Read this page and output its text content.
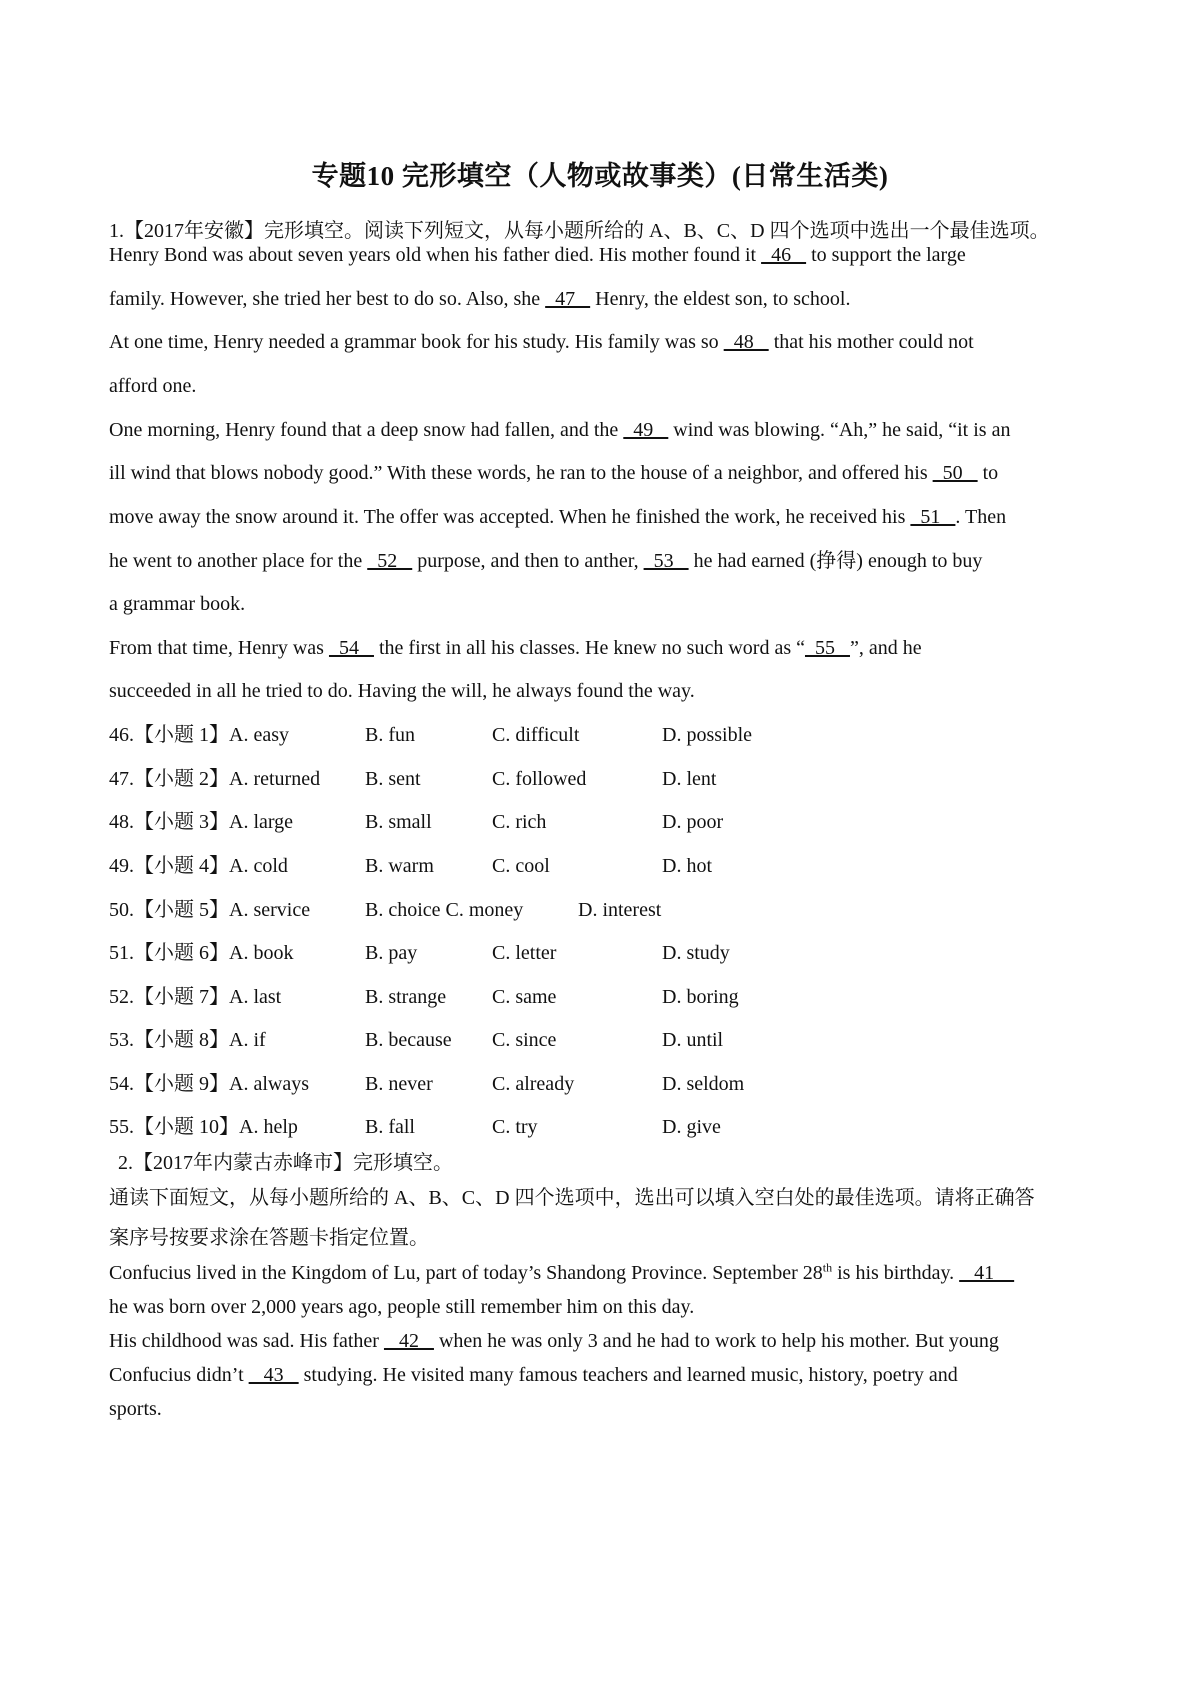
专题10 完形填空（人物或故事类）(日常生活类)
1.【2017年安徽】完形填空。阅读下列短文，从每小题所给的 A、B、C、D 四个选项中选出一个最佳选项。
Henry Bond was about seven years old when his father died. His mother found it   46    to support the large
family. However, she tried her best to do so. Also, she   47    Henry, the eldest son, to school.
At one time, Henry needed a grammar book for his study. His family was so   48    that his mother could not
afford one.
One morning, Henry found that a deep snow had fallen, and the   49    wind was blowing. “Ah,” he said, “it is an
ill wind that blows nobody good.” With these words, he ran to the house of a neighbor, and offered his   50    to
move away the snow around it. The offer was accepted. When he finished the work, he received his   51   . Then
he went to another place for the   52    purpose, and then to anther,   53    he had earned (挣得) enough to buy
a grammar book.
From that time, Henry was   54    the first in all his classes. He knew no such word as “  55   ”, and he
succeeded in all he tried to do. Having the will, he always found the way.
46.【小题 1】A. easy	B. fun	C. difficult	D. possible
47.【小题 2】A. returned B. sent	C. followed	D. lent
48.【小题 3】A. large	B. small	C. rich	D. poor
49.【小题 4】A. cold	B. warm	C. cool	D. hot
50.【小题 5】A. service	B. choice C. money	D. interest
51.【小题 6】A. book	B. pay	C. letter	D. study
52.【小题 7】A. last	B. strange C. same	D. boring
53.【小题 8】A. if	B. because C. since	D. until
54.【小题 9】A. always	B. never	C. already	D. seldom
55.【小题 10】A. help	B. fall	C. try	D. give
2.【2017年内蒙古赤峰市】完形填空。
通读下面短文，从每小题所给的 A、B、C、D 四个选项中，选出可以填入空白处的最佳选项。请将正确答
案序号按要求涂在答题卡指定位置。
Confucius lived in the Kingdom of Lu, part of today’s Shandong Province. September 28th is his birthday.    41
he was born over 2,000 years ago, people still remember him on this day.
His childhood was sad. His father    42    when he was only 3 and he had to work to help his mother. But young
Confucius didn’t    43    studying. He visited many famous teachers and learned music, history, poetry and
sports.
